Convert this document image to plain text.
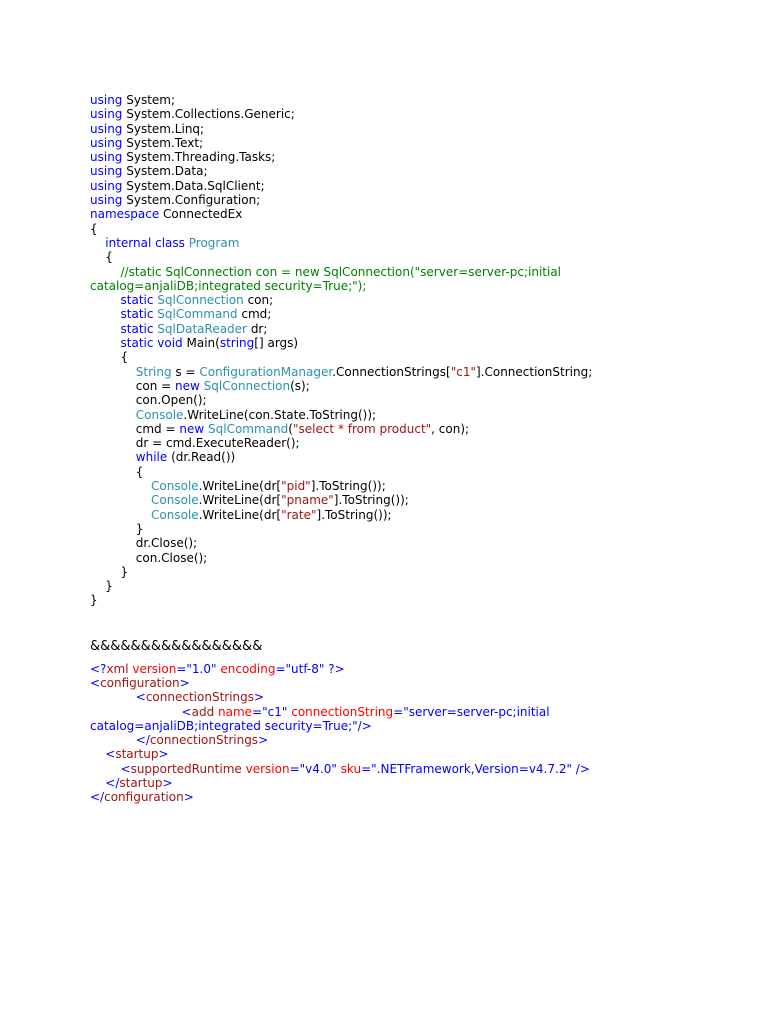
using System;
using System.Collections.Generic;
using System.Linq;
using System.Text;
using System.Threading.Tasks;
using System.Data;
using System.Data.SqlClient;
using System.Configuration;
namespace ConnectedEx
{
internal class Program
{
//static SqlConnection con = new SqlConnection("server=server-pc;initial
catalog=anjaliDB;integrated security=True;");
static SqlConnection con;
static SqlCommand cmd;
static SqlDataReader dr;
static void Main(string[] args)
{
String s = ConfigurationManager.ConnectionStrings["c1"].ConnectionString;
con = new SqlConnection(s);
con.Open();
Console.WriteLine(con.State.ToString());
cmd = new SqlCommand("select * from product", con);
dr = cmd.ExecuteReader();
while (dr.Read())
{
Console.WriteLine(dr["pid"].ToString());
Console.WriteLine(dr["pname"].ToString());
Console.WriteLine(dr["rate"].ToString());
}
dr.Close();
con.Close();
}
}
}
&&&&&&&&&&&&&&&&&
<?xml version="1.0" encoding="utf-8" ?>
<configuration>
<connectionStrings>
<add name="c1" connectionString="server=server-pc;initial
catalog=anjaliDB;integrated security=True;"/>
</connectionStrings>
<startup>
<supportedRuntime version="v4.0" sku=".NETFramework,Version=v4.7.2" />
</startup>
</configuration>
